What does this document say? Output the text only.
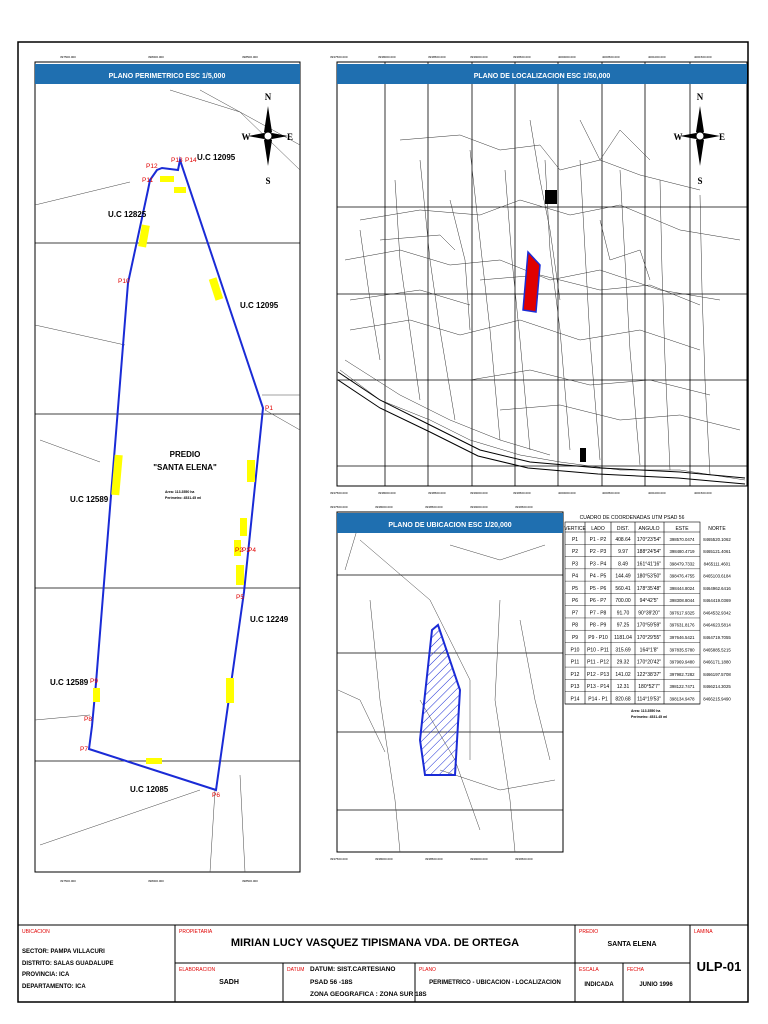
397500.000	398000.000	398500.000
397500.000	398000.000	398500.000
3937500.000	3938000.000	3938500.000	3939000.000	3939500.000	4000000.000	4000500.000	4001000.000	4001500.000
3937500.000	3938000.000	3938500.000	3939000.000	3939500.000	4000000.000	4000500.000	4001000.000	4001500.000
3937500.000	3938000.000	3938500.000	3939000.000	3939500.000
3937500.000	3938000.000	3938500.000	3939000.000	3939500.000
P1
P2 P3
P4
P5
P6
P7
P8
P9
P10
P11
P12
P13 P14
PLANO PERIMETRICO ESC 1/5,000	PLANO DE LOCALIZACION ESC 1/50,000
PLANO DE UBICACION ESC 1/20,000
N
S
E
W
N
S
E
W
U.C 12095
U.C 12825
U.C 12095
U.C 12589
U.C 12249
U.C 12589
U.C 12085
PREDIO
"SANTA ELENA"
Area: 113.3550 ha
Perimetro: 4531.45 ml
Area: 113.3550 ha
Perimetro: 4531.45 ml
CUADRO DE COORDENADAS UTM PSAD 56
P1 P1 - P2 408.64 170°23'54" 398570.0474 8465520.1062
P2 P2 - P3 9.97 188°24'54" 398480.4719 8465121.4061
P3 P3 - P4 8.49 161°41'16" 398479.7332 8465111.4601
P4 P4 - P5 144.49 180°53'50" 398476.4755 8465103.6184
P5 P5 - P6 560.41 178°35'48" 398444.8024 8464962.6416
P6 P6 - P7 700.00 94°42'5"	398308.8044 8464419.0369
P7 P7 - P8 91.70 90°39'20" 397617.9325 8464532.9342
P8 P8 - P9 97.25 170°59'59" 397631.8176 8464623.5814
P9 P9 - P10 1181.04 170°29'55" 397646.5421 8464719.7055
P10 P10 - P11 315.69 164°1'8"	397835.5780 8465885.5215
P11 P11 - P12 29.32 170°20'42" 397969.9480 8466171.1880
P12 P12 - P13 141.02 122°38'37" 397982.7282 8466197.5708
P13 P13 - P14 12.31 180°52'7" 398122.7471 8466214.3025
P14 P14 - P1 820.68 114°19'53" 398134.9478 8466215.9490
VERTICE LADO DIST. ANGULO	ESTE	NORTE
UBICACION
SECTOR: PAMPA VILLACURI
DISTRITO: SALAS GUADALUPE
PROVINCIA: ICA
DEPARTAMENTO: ICA
PROPIETARIA
MIRIAN LUCY VASQUEZ TIPISMANA VDA. DE ORTEGA
ELABORACION
SADH
DATUM DATUM: SIST.CARTESIANO
PSAD 56 -18S
ZONA GEOGRAFICA : ZONA SUR 18S
PLANO
PERIMETRICO - UBICACION - LOCALIZACION
PREDIO
SANTA ELENA
ESCALA
INDICADA
FECHA
JUNIO 1996
LAMINA
ULP-01
